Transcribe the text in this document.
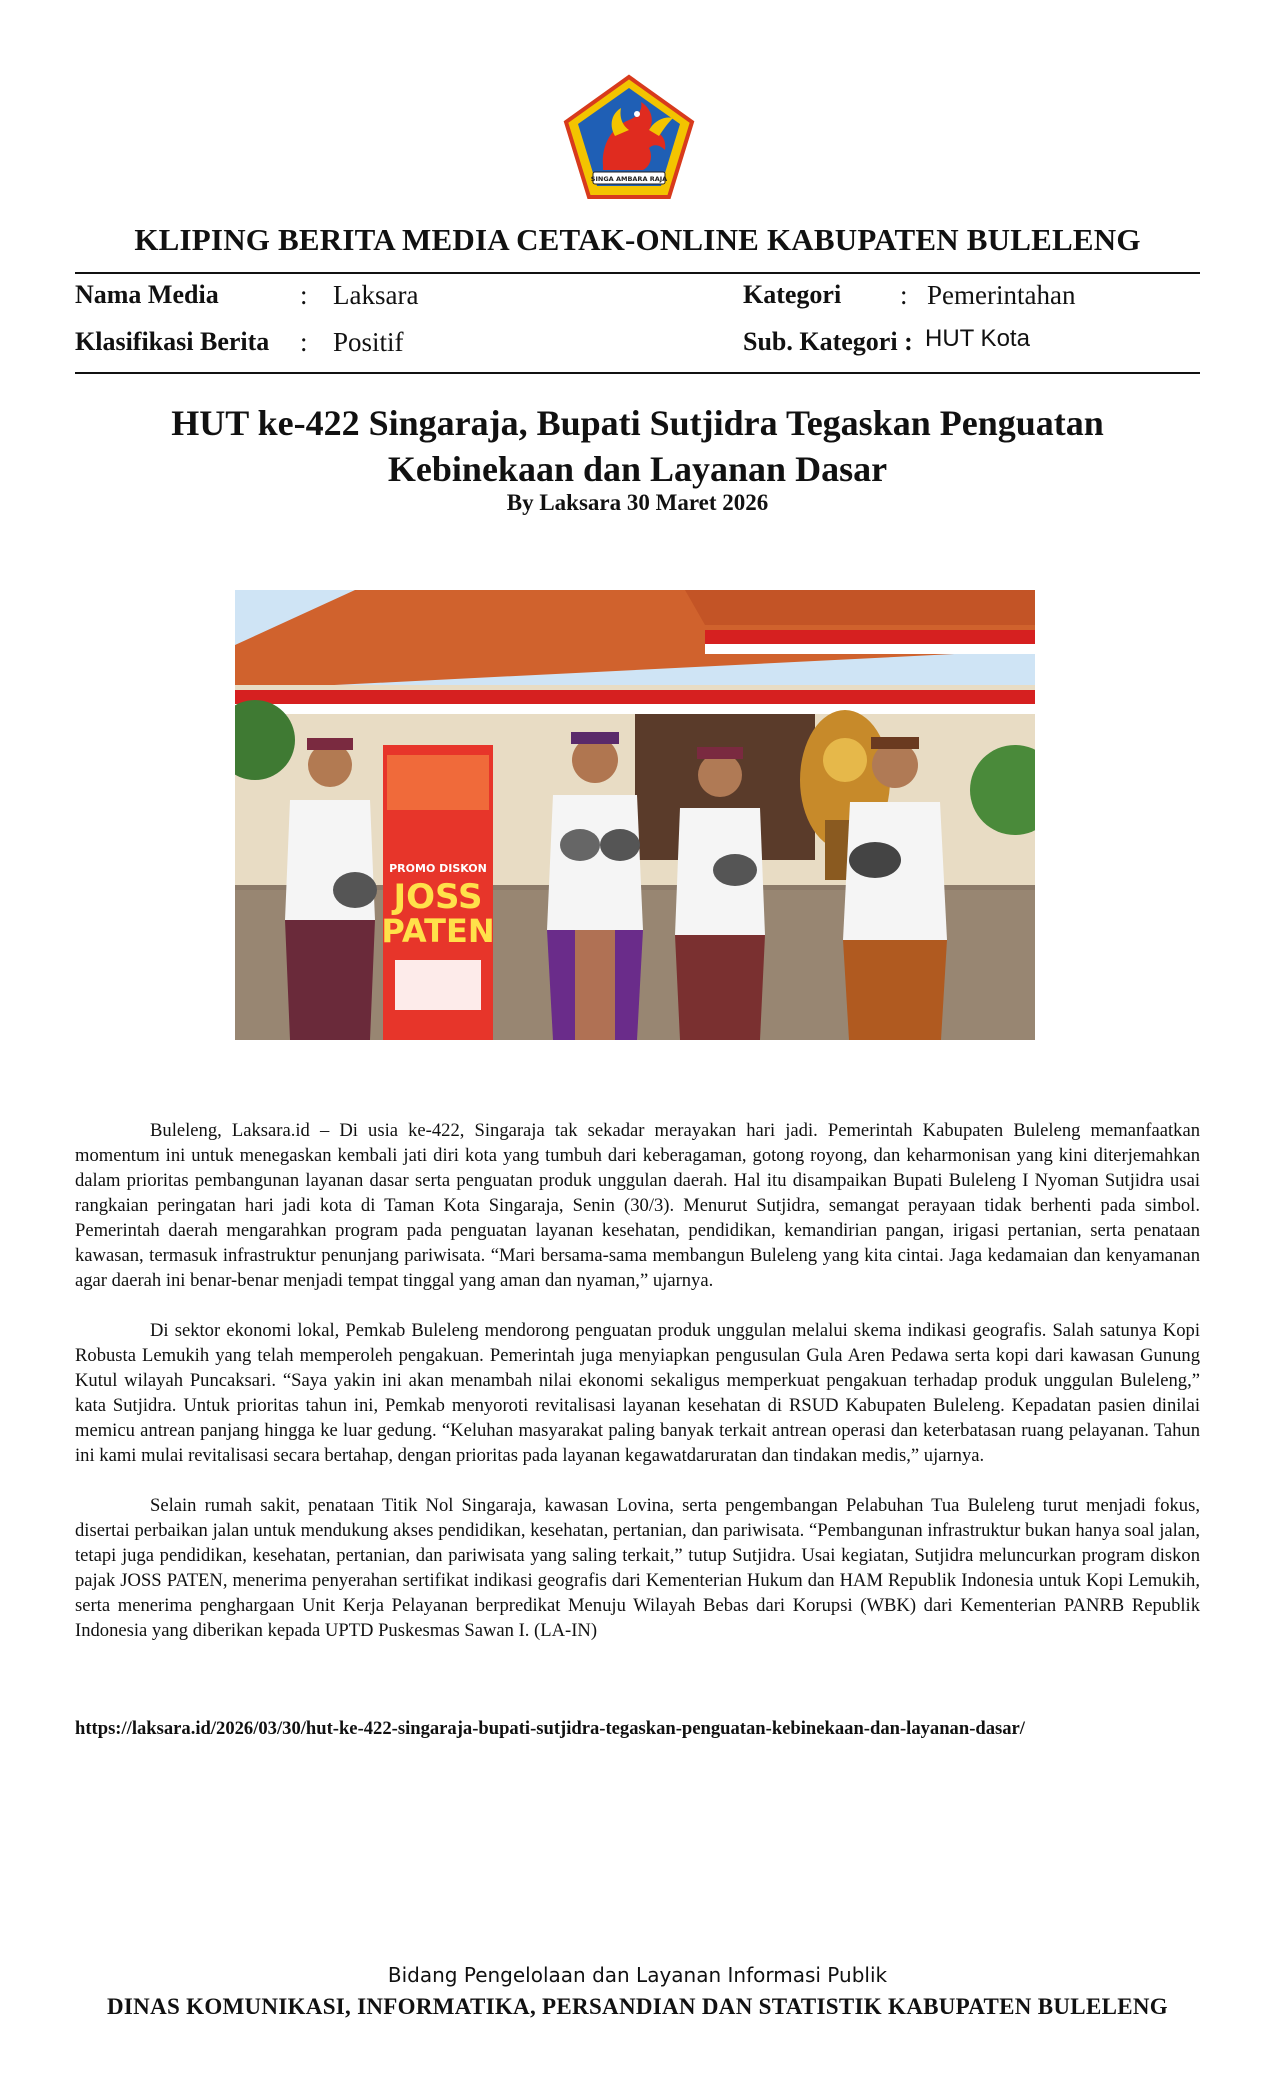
SINGA AMBARA RAJA
KLIPING BERITA MEDIA CETAK-ONLINE KABUPATEN BULELENG
Nama Media	: Laksara	Kategori : Pemerintahan
Klasifikasi Berita : Positif	Sub. Kategori : HUT Kota
HUT ke-422 Singaraja, Bupati Sutjidra Tegaskan Penguatan
Kebinekaan dan Layanan Dasar
By Laksara 30 Maret 2026
PROMO DISKON
JOSS
PATEN

Buleleng, Laksara.id – Di usia ke-422, Singaraja tak sekadar merayakan hari jadi. Pemerintah Kabupaten Buleleng memanfaatkan momentum ini untuk menegaskan kembali jati diri kota yang tumbuh dari keberagaman, gotong royong, dan keharmonisan yang kini diterjemahkan dalam prioritas pembangunan layanan dasar serta penguatan produk unggulan daerah. Hal itu disampaikan Bupati Buleleng I Nyoman Sutjidra usai rangkaian peringatan hari jadi kota di Taman Kota Singaraja, Senin (30/3). Menurut Sutjidra, semangat perayaan tidak berhenti pada simbol. Pemerintah daerah mengarahkan program pada penguatan layanan kesehatan, pendidikan, kemandirian pangan, irigasi pertanian, serta penataan kawasan, termasuk infrastruktur penunjang pariwisata. “Mari bersama-sama membangun Buleleng yang kita cintai. Jaga kedamaian dan kenyamanan agar daerah ini benar-benar menjadi tempat tinggal yang aman dan nyaman,” ujarnya.

Di sektor ekonomi lokal, Pemkab Buleleng mendorong penguatan produk unggulan melalui skema indikasi geografis. Salah satunya Kopi Robusta Lemukih yang telah memperoleh pengakuan. Pemerintah juga menyiapkan pengusulan Gula Aren Pedawa serta kopi dari kawasan Gunung Kutul wilayah Puncaksari. “Saya yakin ini akan menambah nilai ekonomi sekaligus memperkuat pengakuan terhadap produk unggulan Buleleng,” kata Sutjidra. Untuk prioritas tahun ini, Pemkab menyoroti revitalisasi layanan kesehatan di RSUD Kabupaten Buleleng. Kepadatan pasien dinilai memicu antrean panjang hingga ke luar gedung. “Keluhan masyarakat paling banyak terkait antrean operasi dan keterbatasan ruang pelayanan. Tahun ini kami mulai revitalisasi secara bertahap, dengan prioritas pada layanan kegawatdaruratan dan tindakan medis,” ujarnya.

Selain rumah sakit, penataan Titik Nol Singaraja, kawasan Lovina, serta pengembangan Pelabuhan Tua Buleleng turut menjadi fokus, disertai perbaikan jalan untuk mendukung akses pendidikan, kesehatan, pertanian, dan pariwisata. “Pembangunan infrastruktur bukan hanya soal jalan, tetapi juga pendidikan, kesehatan, pertanian, dan pariwisata yang saling terkait,” tutup Sutjidra. Usai kegiatan, Sutjidra meluncurkan program diskon pajak JOSS PATEN, menerima penyerahan sertifikat indikasi geografis dari Kementerian Hukum dan HAM Republik Indonesia untuk Kopi Lemukih, serta menerima penghargaan Unit Kerja Pelayanan berpredikat Menuju Wilayah Bebas dari Korupsi (WBK) dari Kementerian PANRB Republik Indonesia yang diberikan kepada UPTD Puskesmas Sawan I. (LA-IN)

https://laksara.id/2026/03/30/hut-ke-422-singaraja-bupati-sutjidra-tegaskan-penguatan-kebinekaan-dan-layanan-dasar/
Bidang Pengelolaan dan Layanan Informasi Publik
DINAS KOMUNIKASI, INFORMATIKA, PERSANDIAN DAN STATISTIK KABUPATEN BULELENG
